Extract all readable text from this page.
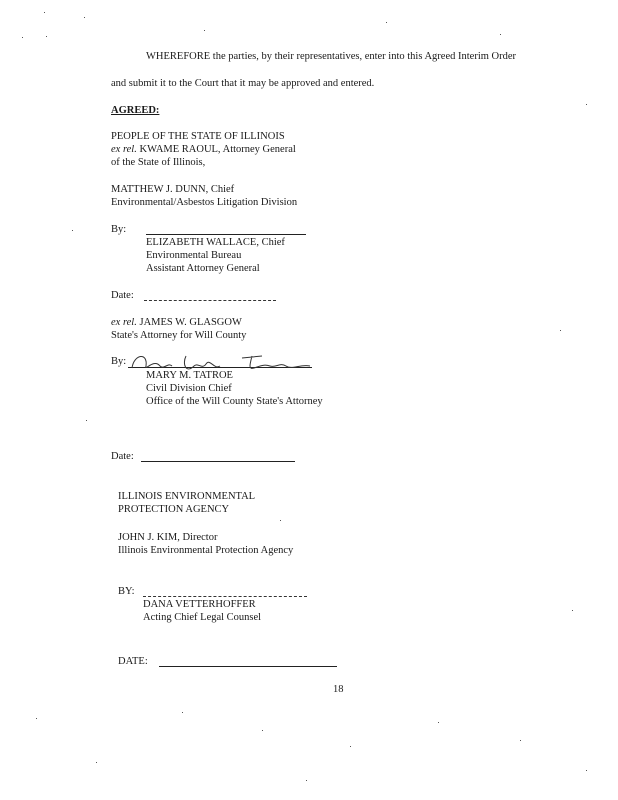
WHEREFORE the parties, by their representatives, enter into this Agreed Interim Order
and submit it to the Court that it may be approved and entered.
AGREED:
PEOPLE OF THE STATE OF ILLINOIS
ex rel. KWAME RAOUL, Attorney General
of the State of Illinois,
MATTHEW J. DUNN, Chief
Environmental/Asbestos Litigation Division
By:
ELIZABETH WALLACE, Chief
Environmental Bureau
Assistant Attorney General
Date:
ex rel. JAMES W. GLASGOW
State's Attorney for Will County
By:
MARY M. TATROE
Civil Division Chief
Office of the Will County State's Attorney
Date:
ILLINOIS ENVIRONMENTAL
PROTECTION AGENCY
JOHN J. KIM, Director
Illinois Environmental Protection Agency
BY:
DANA VETTERHOFFER
Acting Chief Legal Counsel
DATE:
18
